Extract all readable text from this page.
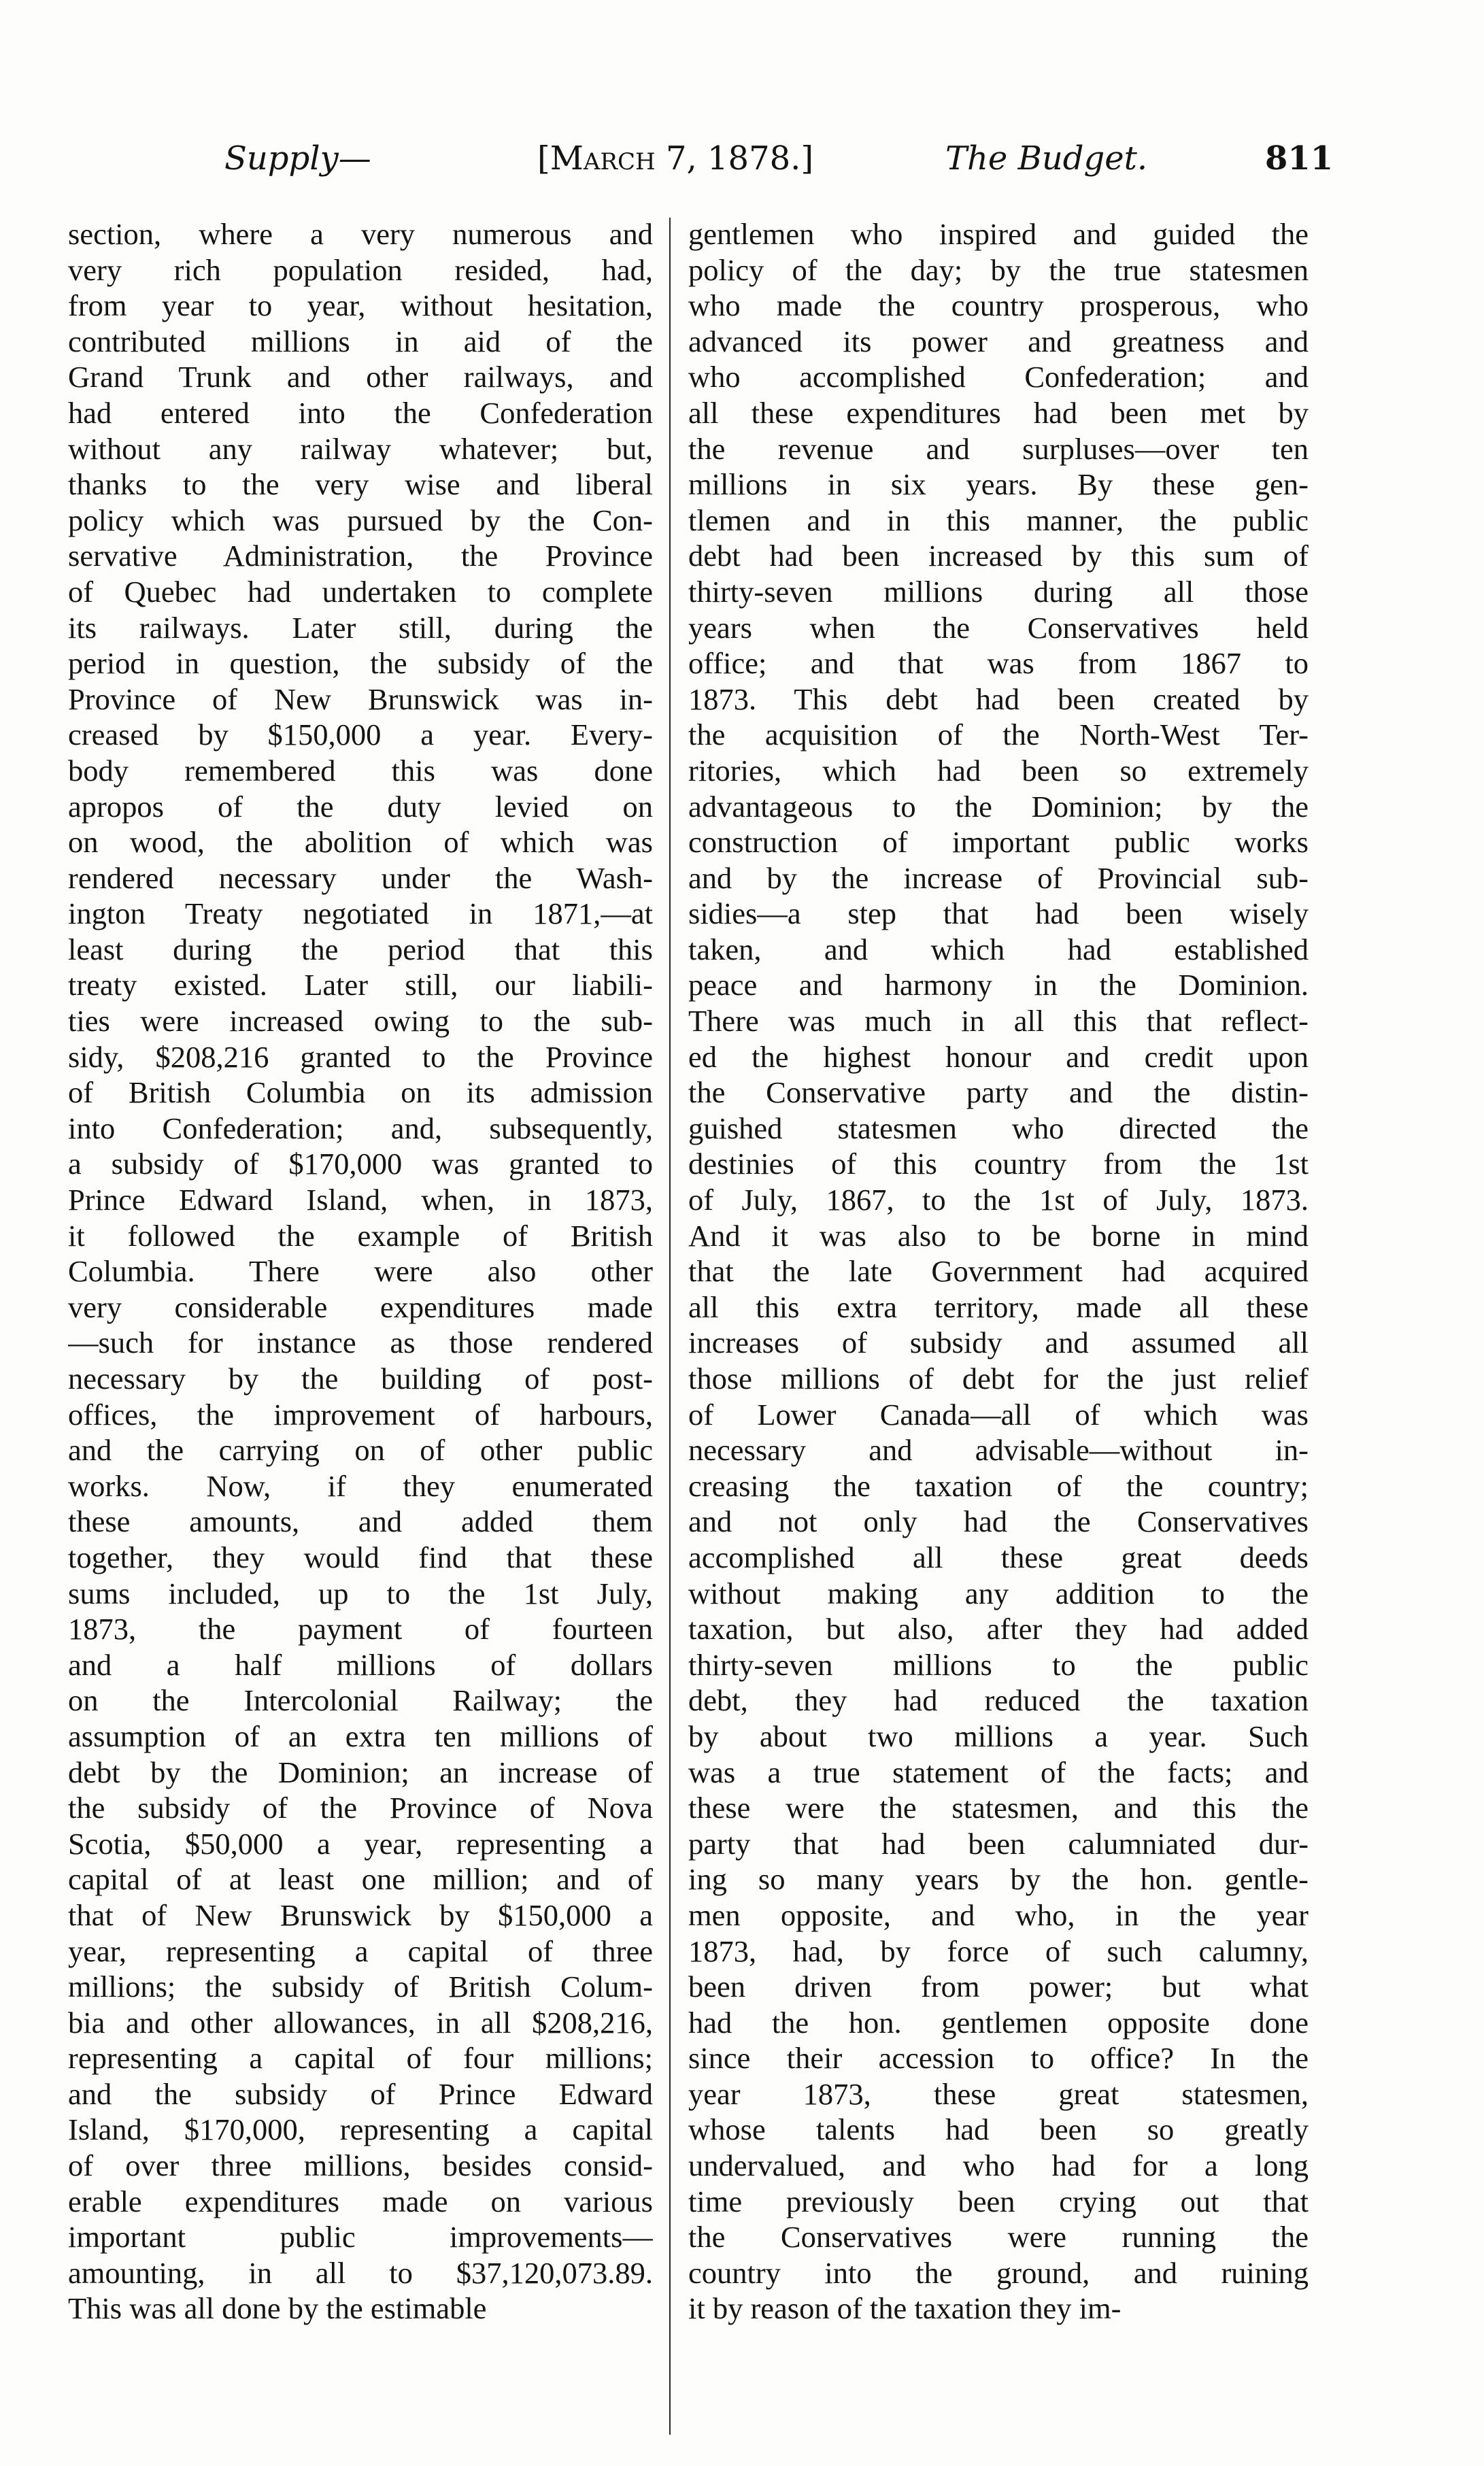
Supply—	[March 7, 1878.]	The Budget.	811
section, where a very numerous and
very rich population resided, had,
from year to year, without hesitation,
contributed millions in aid of the
Grand Trunk and other railways, and
had entered into the Confederation
without any railway whatever; but,
thanks to the very wise and liberal
policy which was pursued by the Con-
servative Administration, the Province
of Quebec had undertaken to complete
its railways. Later still, during the
period in question, the subsidy of the
Province of New Brunswick was in-
creased by $150,000 a year. Every-
body remembered this was done
apropos of the duty levied on
on wood, the abolition of which was
rendered necessary under the Wash-
ington Treaty negotiated in 1871,—at
least during the period that this
treaty existed. Later still, our liabili-
ties were increased owing to the sub-
sidy, $208,216 granted to the Province
of British Columbia on its admission
into Confederation; and, subsequently,
a subsidy of $170,000 was granted to
Prince Edward Island, when, in 1873,
it followed the example of British
Columbia. There were also other
very considerable expenditures made
—such for instance as those rendered
necessary by the building of post-
offices, the improvement of harbours,
and the carrying on of other public
works. Now, if they enumerated
these amounts, and added them
together, they would find that these
sums included, up to the 1st July,
1873, the payment of fourteen
and a half millions of dollars
on the Intercolonial Railway; the
assumption of an extra ten millions of
debt by the Dominion; an increase of
the subsidy of the Province of Nova
Scotia, $50,000 a year, representing a
capital of at least one million; and of
that of New Brunswick by $150,000 a
year, representing a capital of three
millions; the subsidy of British Colum-
bia and other allowances, in all $208,216,
representing a capital of four millions;
and the subsidy of Prince Edward
Island, $170,000, representing a capital
of over three millions, besides consid-
erable expenditures made on various
important public improvements—
amounting, in all to $37,120,073.89.
This was all done by the estimable
gentlemen who inspired and guided the
policy of the day; by the true statesmen
who made the country prosperous, who
advanced its power and greatness and
who accomplished Confederation; and
all these expenditures had been met by
the revenue and surpluses—over ten
millions in six years. By these gen-
tlemen and in this manner, the public
debt had been increased by this sum of
thirty-seven millions during all those
years when the Conservatives held
office; and that was from 1867 to
1873. This debt had been created by
the acquisition of the North-West Ter-
ritories, which had been so extremely
advantageous to the Dominion; by the
construction of important public works
and by the increase of Provincial sub-
sidies—a step that had been wisely
taken, and which had established
peace and harmony in the Dominion.
There was much in all this that reflect-
ed the highest honour and credit upon
the Conservative party and the distin-
guished statesmen who directed the
destinies of this country from the 1st
of July, 1867, to the 1st of July, 1873.
And it was also to be borne in mind
that the late Government had acquired
all this extra territory, made all these
increases of subsidy and assumed all
those millions of debt for the just relief
of Lower Canada—all of which was
necessary and advisable—without in-
creasing the taxation of the country;
and not only had the Conservatives
accomplished all these great deeds
without making any addition to the
taxation, but also, after they had added
thirty-seven millions to the public
debt, they had reduced the taxation
by about two millions a year. Such
was a true statement of the facts; and
these were the statesmen, and this the
party that had been calumniated dur-
ing so many years by the hon. gentle-
men opposite, and who, in the year
1873, had, by force of such calumny,
been driven from power; but what
had the hon. gentlemen opposite done
since their accession to office? In the
year 1873, these great statesmen,
whose talents had been so greatly
undervalued, and who had for a long
time previously been crying out that
the Conservatives were running the
country into the ground, and ruining
it by reason of the taxation they im-
